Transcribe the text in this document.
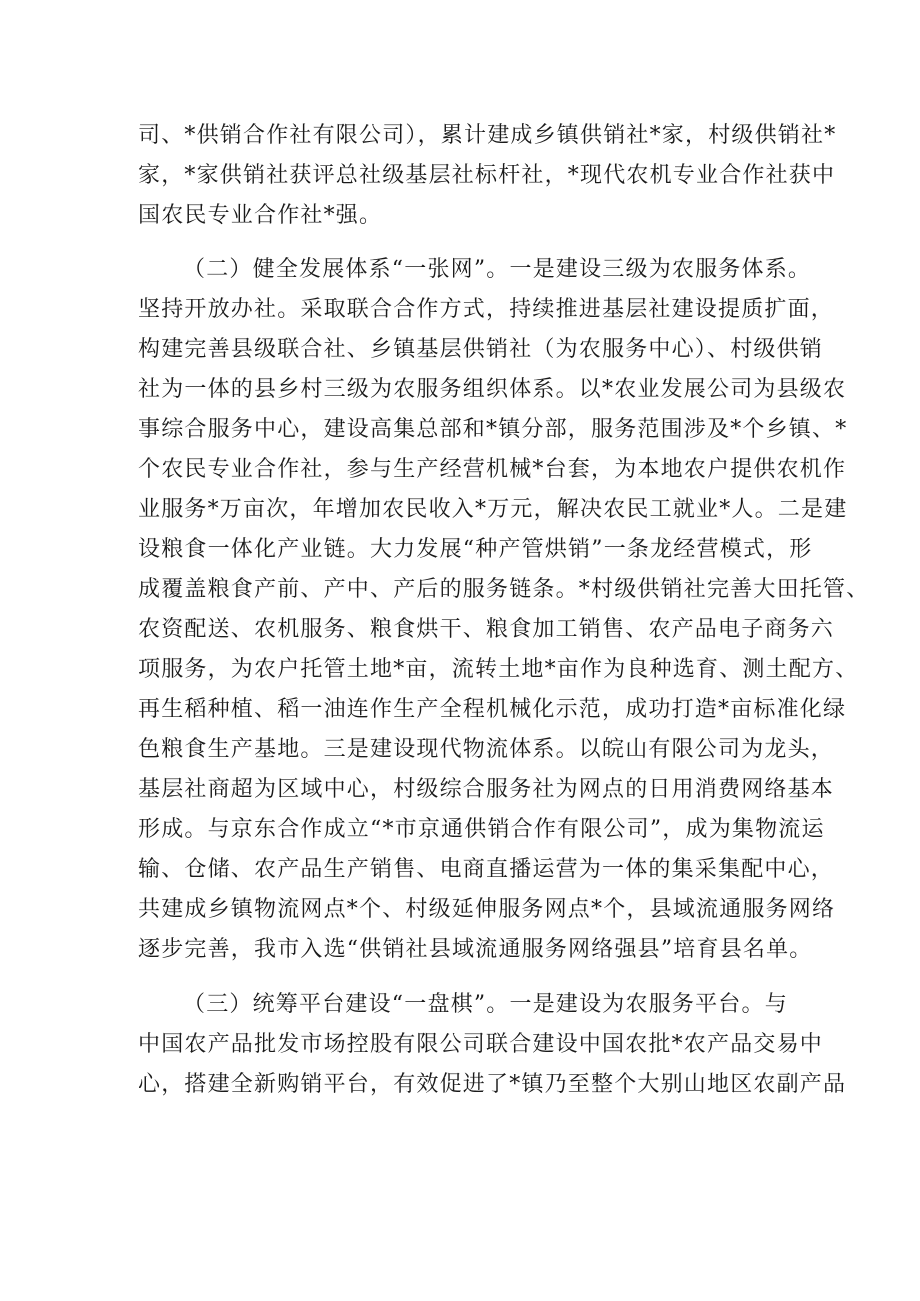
司、*供销合作社有限公司），累计建成乡镇供销社*家，村级供销社*
家，*家供销社获评总社级基层社标杆社，*现代农机专业合作社获中
国农民专业合作社*强。
（二）健全发展体系“一张网”。一是建设三级为农服务体系。
坚持开放办社。采取联合合作方式，持续推进基层社建设提质扩面，
构建完善县级联合社、乡镇基层供销社（为农服务中心）、村级供销
社为一体的县乡村三级为农服务组织体系。以*农业发展公司为县级农
事综合服务中心，建设高集总部和*镇分部，服务范围涉及*个乡镇、*
个农民专业合作社，参与生产经营机械*台套，为本地农户提供农机作
业服务*万亩次，年增加农民收入*万元，解决农民工就业*人。二是建
设粮食一体化产业链。大力发展“种产管烘销”一条龙经营模式，形
成覆盖粮食产前、产中、产后的服务链条。*村级供销社完善大田托管、
农资配送、农机服务、粮食烘干、粮食加工销售、农产品电子商务六
项服务，为农户托管土地*亩，流转土地*亩作为良种选育、测土配方、
再生稻种植、稻一油连作生产全程机械化示范，成功打造*亩标准化绿
色粮食生产基地。三是建设现代物流体系。以皖山有限公司为龙头，
基层社商超为区域中心，村级综合服务社为网点的日用消费网络基本
形成。与京东合作成立“*市京通供销合作有限公司”，成为集物流运
输、仓储、农产品生产销售、电商直播运营为一体的集采集配中心，
共建成乡镇物流网点*个、村级延伸服务网点*个，县域流通服务网络
逐步完善，我市入选“供销社县域流通服务网络强县”培育县名单。
（三）统筹平台建设“一盘棋”。一是建设为农服务平台。与
中国农产品批发市场控股有限公司联合建设中国农批*农产品交易中
心，搭建全新购销平台，有效促进了*镇乃至整个大别山地区农副产品
